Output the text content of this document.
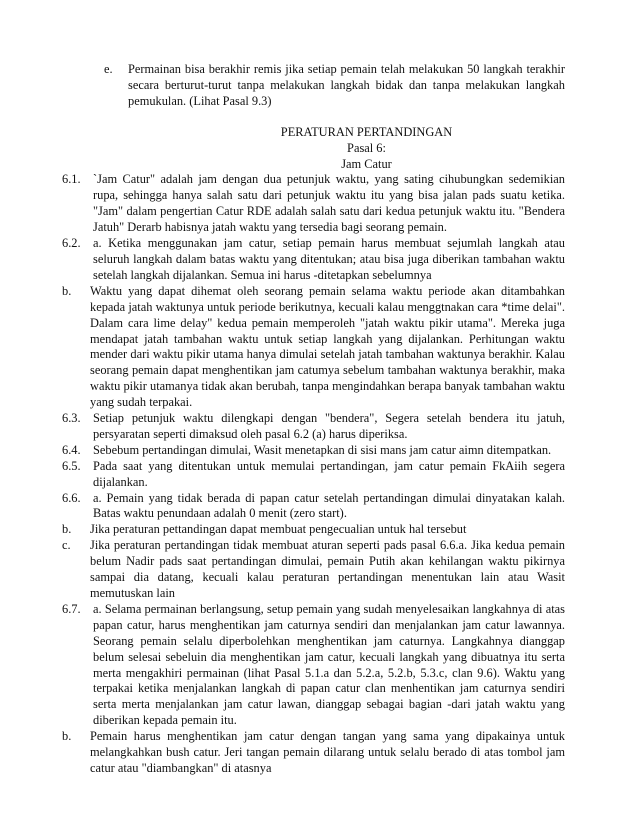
e.	Permainan bisa berakhir remis jika setiap pemain telah melakukan 50 langkah terakhir secara berturut-turut tanpa melakukan langkah bidak dan tanpa melakukan langkah pemukulan. (Lihat Pasal 9.3)

PERATURAN PERTANDINGAN

Pasal 6:

Jam Catur

6.1.	`Jam Catur" adalah jam dengan dua petunjuk waktu, yang sating cihubungkan sedemikian rupa, sehingga hanya salah satu dari petunjuk waktu itu yang bisa jalan pads suatu ketika. "Jam" dalam pengertian Catur RDE adalah salah satu dari kedua petunjuk waktu itu. "Bendera Jatuh" Derarb habisnya jatah waktu yang tersedia bagi seorang pemain.
6.2.	a. Ketika menggunakan jam catur, setiap pemain harus membuat sejumlah langkah atau seluruh langkah dalam batas waktu yang ditentukan; atau bisa juga diberikan tambahan waktu setelah langkah dijalankan. Semua ini harus -ditetapkan sebelumnya
b.	Waktu yang dapat dihemat oleh seorang pemain selama waktu periode akan ditambahkan kepada jatah waktunya untuk periode berikutnya, kecuali kalau menggtnakan cara *time delai". Dalam cara lime delay" kedua pemain memperoleh "jatah waktu pikir utama". Mereka juga mendapat jatah tambahan waktu untuk setiap langkah yang dijalankan. Perhitungan waktu mender dari waktu pikir utama hanya dimulai setelah jatah tambahan waktunya berakhir. Kalau seorang pemain dapat menghentikan jam catumya sebelum tambahan waktunya berakhir, maka waktu pikir utamanya tidak akan berubah, tanpa mengindahkan berapa banyak tambahan waktu yang sudah terpakai.
6.3.	Setiap petunjuk waktu dilengkapi dengan "bendera", Segera setelah bendera itu jatuh, persyaratan seperti dimaksud oleh pasal 6.2 (a) harus diperiksa.
6.4.	Sebebum pertandingan dimulai, Wasit menetapkan di sisi mans jam catur aimn ditempatkan.
6.5.	Pada saat yang ditentukan untuk memulai pertandingan, jam catur pemain FkAiih segera dijalankan.
6.6.	a. Pemain yang tidak berada di papan catur setelah pertandingan dimulai dinyatakan kalah. Batas waktu penundaan adalah 0 menit (zero start).
b.	Jika peraturan pettandingan dapat membuat pengecualian untuk hal tersebut
c.	Jika peraturan pertandingan tidak membuat aturan seperti pads pasal 6.6.a. Jika kedua pemain belum Nadir pads saat pertandingan dimulai, pemain Putih akan kehilangan waktu pikirnya sampai dia datang, kecuali kalau peraturan pertandingan menentukan lain atau Wasit memutuskan lain
6.7.	a. Selama permainan berlangsung, setup pemain yang sudah menyelesaikan langkahnya di atas papan catur, harus menghentikan jam caturnya sendiri dan menjalankan jam catur lawannya. Seorang pemain selalu diperbolehkan menghentikan jam caturnya. Langkahnya dianggap belum selesai sebeluin dia menghentikan jam catur, kecuali langkah yang dibuatnya itu serta merta mengakhiri permainan (lihat Pasal 5.1.a dan 5.2.a, 5.2.b, 5.3.c, clan 9.6). Waktu yang terpakai ketika menjalankan langkah di papan catur clan menhentikan jam caturnya sendiri serta merta menjalankan jam catur lawan, dianggap sebagai bagian -dari jatah waktu yang diberikan kepada pemain itu.
b.	Pemain harus menghentikan jam catur dengan tangan yang sama yang dipakainya untuk melangkahkan bush catur. Jeri tangan pemain dilarang untuk selalu berado di atas tombol jam catur atau "diambangkan" di atasnya
